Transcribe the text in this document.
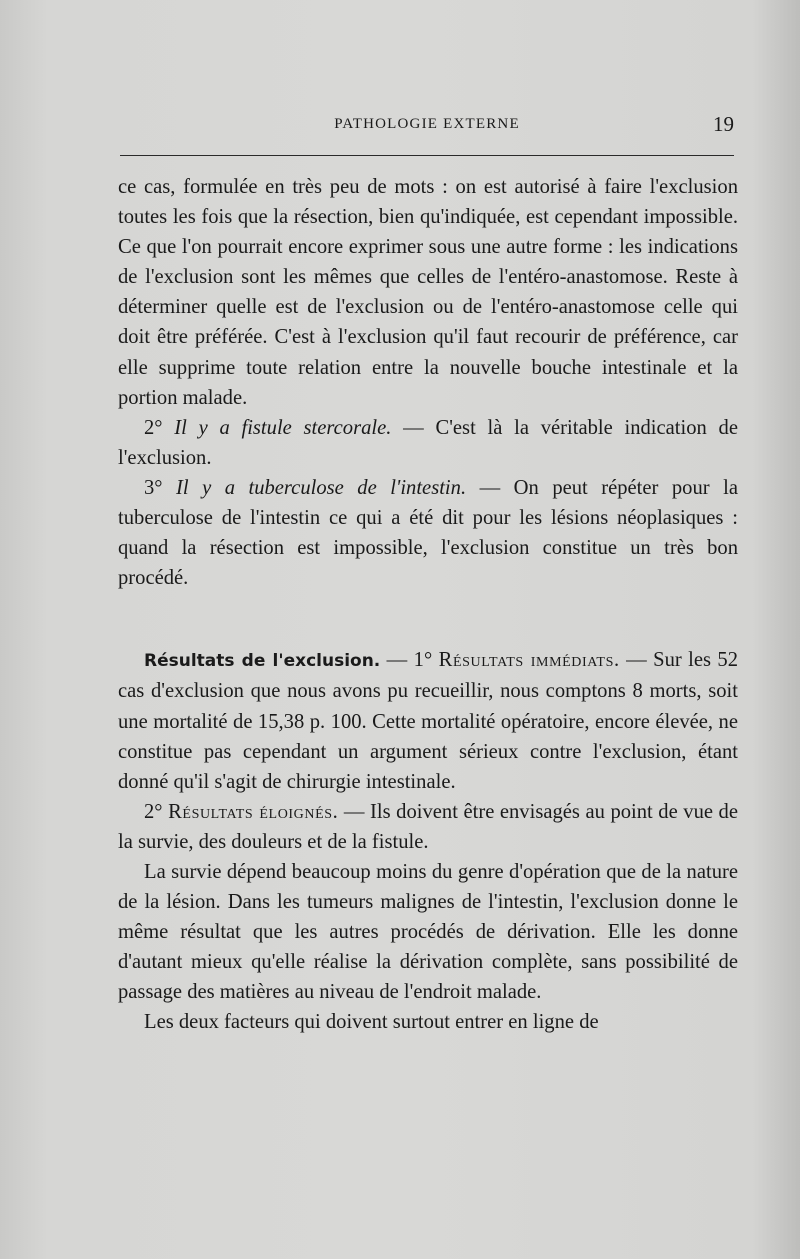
PATHOLOGIE EXTERNE	19

ce cas, formulée en très peu de mots : on est autorisé à faire l'exclusion toutes les fois que la résection, bien qu'indiquée, est cependant impossible. Ce que l'on pourrait encore exprimer sous une autre forme : les indications de l'exclusion sont les mêmes que celles de l'entéro-anastomose. Reste à déterminer quelle est de l'exclusion ou de l'entéro-anastomose celle qui doit être préférée. C'est à l'exclusion qu'il faut recourir de préférence, car elle supprime toute relation entre la nouvelle bouche intestinale et la portion malade.

2° Il y a fistule stercorale. — C'est là la véritable indication de l'exclusion.

3° Il y a tuberculose de l'intestin. — On peut répéter pour la tuberculose de l'intestin ce qui a été dit pour les lésions néoplasiques : quand la résection est impossible, l'exclusion constitue un très bon procédé.

Résultats de l'exclusion. — 1° Résultats immédiats. — Sur les 52 cas d'exclusion que nous avons pu recueillir, nous comptons 8 morts, soit une mortalité de 15,38 p. 100. Cette mortalité opératoire, encore élevée, ne constitue pas cependant un argument sérieux contre l'exclusion, étant donné qu'il s'agit de chirurgie intestinale.

2° Résultats éloignés. — Ils doivent être envisagés au point de vue de la survie, des douleurs et de la fistule.

La survie dépend beaucoup moins du genre d'opération que de la nature de la lésion. Dans les tumeurs malignes de l'intestin, l'exclusion donne le même résultat que les autres procédés de dérivation. Elle les donne d'autant mieux qu'elle réalise la dérivation complète, sans possibilité de passage des matières au niveau de l'endroit malade.

Les deux facteurs qui doivent surtout entrer en ligne de
